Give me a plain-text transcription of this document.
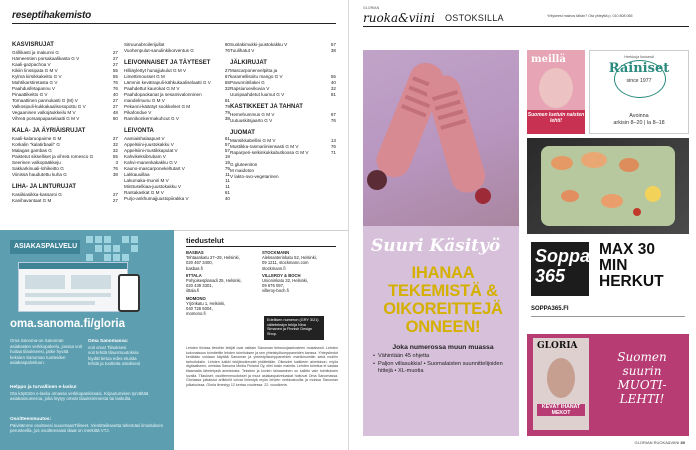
reseptihakemisto
KASVISRUJAT
Grillikasti ja makunni G	27
Hämeentien porsakaalikasta G V	27
Kaali-gazpachoa V	27
Kikiin linssipata G M V	55
Kylmä kirsikkakeitto G V	55
Mahtikarstiretasta G V	76
Paahdusfetapannu V	76
Pinaattikeitto G V	40
Tomaattinen pannukasti G (M) V	27
Valkosipuli-kukkakaalisosopottu G V	27
Vegaaninen valkojäukkeilu M V	48
Vihreä porsaspapaselaatti G M V	80
KALA- JA ÄYRIÄISRUJAT
Kaali-kalaruopaime G M	27
Korkalin "kalatirbaali" G	32
Malagas gambas G	32
Paistetut sikselliset ja vihreä romesco G	55
Seerinen valkopääkkeju	3
Sakkarkinuali-lohikeitto G	76
Viinissä haudutettu kuha G	38
LIHA- JA LINTURUJAT
Kasiikiasikka-kassaroi G	27
Kanihavantaat G M	27
Sitruunabroilerijullat	80
Vuohenpulut-sanulinkikorventus G	76
LEIVONNAISET JA TÄYTESET
Hilliäylettyt hunajjukulut G M V	27
Limettimousset G M	67
Lämmin kevätrapuli-kähkukaaliselaatti G V	55
Paahdettut kaurokat G M V	32
Paahdopaokanat ja sesamivalonninen
mandelmunu G M V	81
Pekanni-kääräyt sookkelset G M	79
Pikafondue V	79
Rannikonkermakuhcut G V	38
LEIVONTA
Aamiaishalaapuvt V	61
Appelsiini-juustokakku V	57
Appelsiini-mustikkapulat V	57
Kahvikeksibrubam V	19
Kahvi-manenkakakku G V	19
Kauno-mascarponekeltutart V	79
Lakkauuillaa	11
Lakumaka-muniri M V	11
Minttuselkiaa-juustokakku V	11
Rantakaskat G M V	61
Purjo-ankhumajjuustopiirakka V	40
Suolakimukki-juustokakku V	57
Tuulihatut V	38
JÄLKIRUJAT
Mascarponenvelpitta ja
karamellisoitu mango G V	55
Pavunnitrilakei G	40
Rapsiuruevikuvia V	32
Uunipaahdetut luumut G V	81
KASTIKKEET JA TAHNAT
Hernehummus G M V	67
Uutuuskitsjaarto G V	76
JUOMAT
Mansikkabellini G M V	13
Mustikka-rasmariiniensasti G M V	76
Raparperi-selkinkukkabutkoosa G M V	71
G gluteeniton
M maidoton
V lakto-ovo-vegetarinen
ASIAKASPALVELU
oma.sanoma.fi/gloria
Oma Sanoma-on Sanoman asiakasten verkkopalvelu, josssa voit hoitaa tilaukseesi, jatke hyvää keksien Sanoman tuotteiden asiakaspalveluun.
Oma Sanomassa:
voit omat Tilauksesi
voit tehdä tilausmuutoksia
löydät tietoa edes etuista
tehdä ja tuotteita ostoksesi
Helppo ja turvallinen e-lasku!
Ota käyttöön e-lasku omassa verkkopankissasi. Kirjautumisen tyrvältää asiakasnumeroa, joka löytyy omsin tilauksimmesta tai laskulta.
Osoitteenmuutos:
Päivitämme osoitteesi suuomaasTilineet. Viestitteikseetta tekemäsi ilmoituksen perusteella, jos osoitteessasi tilaat on merkittä VTJ.
tiedustelut
BASBAS
Tehtaankatu 27–29, Helsinki,
020 467 3400,
basbas.fi
IITTALA
Pohjoisesplanadi 25, Helsinki,
020 439 3301,
iittala.fi
MOMONO
Yrjönkatu 1, Helsinki,
040 726 5004,
momono.fi
STOCKMANN
Aleksanterinkatu 52, Helsinki,
09 1211, stockmann.com
stockmann.fi
VILLEROY & BOCH
Unioninkatu 32, Helsinki,
09 676 097,
villeroy-boch.fi
Edellisen numeron (GRY 3/21) väitetekstyn tekija Nina Simanen ja Finnish Design Shop.
Lehden tiloissa tietoihin tekijät ovat osittain Sanoman tietosuojaselosteen mukaisesti. Lehden kokonaisuus toimitettiin lehden toimituksen ja sen yhteistyökumppaneiden kanssa. Yhteystiedot kerätään voidaan käyttää Sanoman ja yhteistyökumppaneiden markkinointiin sekä muihin tarkoituksiin. Lehden kaikki tekijänoikeudet pidätetään. Oikeudet kaikkeen aineistoon, myös digitaaliseen, omistaa Sanoma Media Finland Oy, ellei toisin mainita. Lehden toimitus ei vastaa tilaamatta lähetetystä aineistosta. Tekstien ja kuvien lainaaminen on sallittu vain toimituksen luvalla. Tilaukset, osoitteenmuutokset ja muut asiakaspalveluasiat hoituvat Oma Sanomassa. Gloriassa julkaistut artikkelit voivat ilmestyä myös lehden verkkosivuilla ja muissa Sanoman julkaisuissa. Gloria ilmestyy 12 kertaa vuodessa. 22. vuosikerta.
GLORIAN
ruoka&viini OSTOKSILLA	Yritykeesi mainos tähän? Ota yhteyttä p. 010 808 065
Suuri Käsityö
IHANAA TEKEMISTÄ & OIKOREITTEJÄ ONNEEN!
Joka numerossa muun muassa
• Vähintään 45 ohjetta
• Paljon villasukkia! • Suomalaisten suunnittelijoiden hittejä • XL-muotia
meillä
Suomen luetuin naisten lehti!
Herkkuja ikuisesti
Rainiset
since 1977
Avoinna
arkisin 8–20 | la 8–18
Soppa 365
MAX 30 MIN HERKUT
SOPPA365.FI
GLORIA
KEVÄT IHANAT MEKOT
Suomen suurin MUOTI-LEHTI!
GLORIAN RUOKA&VIINI 89
